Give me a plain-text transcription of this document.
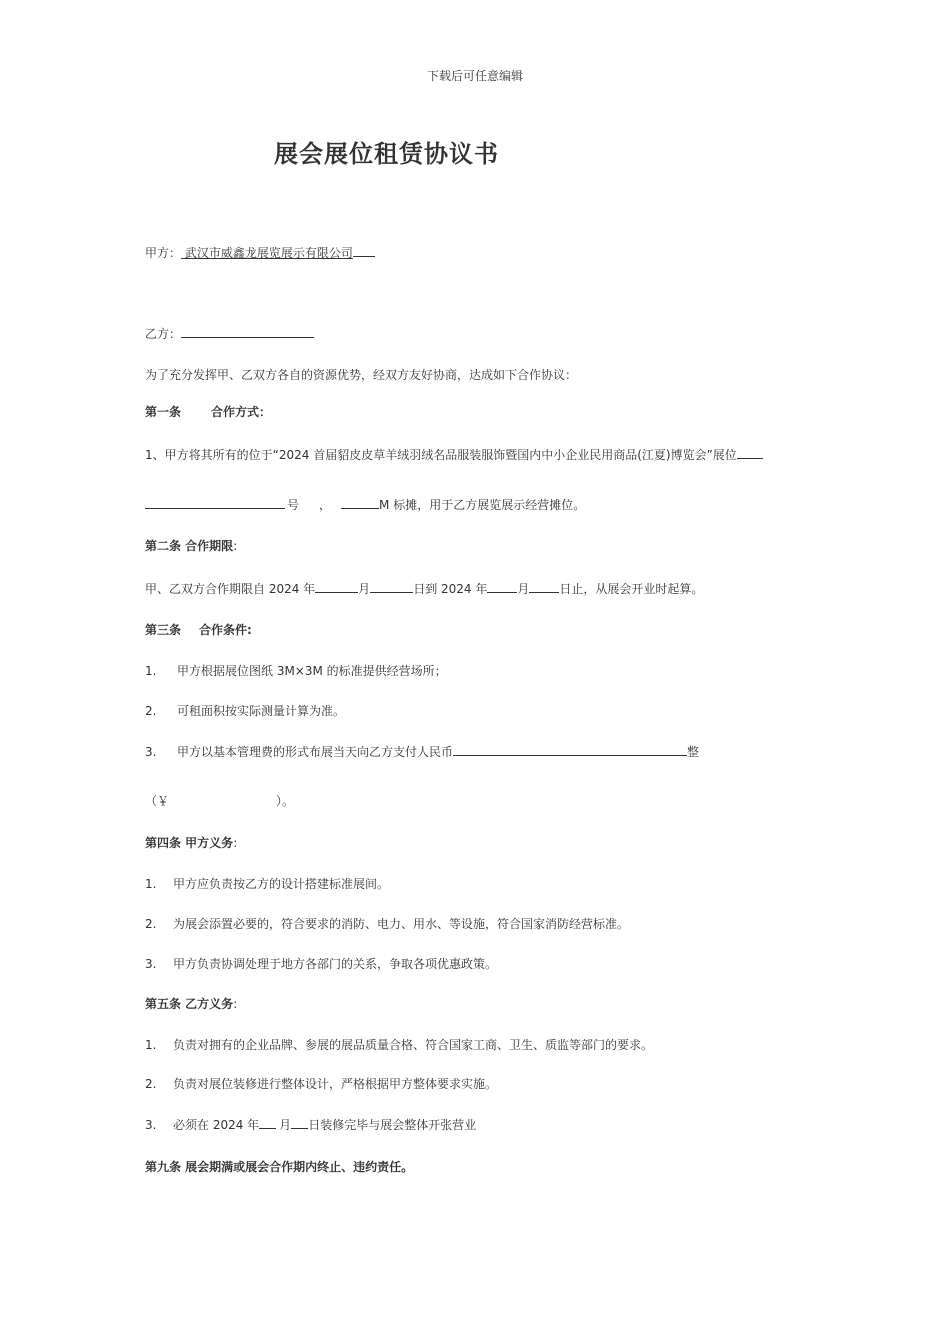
下载后可任意编辑
展会展位租赁协议书
甲方： 武汉市威鑫龙展览展示有限公司
乙方：
为了充分发挥甲、乙双方各自的资源优势，经双方友好协商，达成如下合作协议：
第一条	合作方式：
1、甲方将其所有的位于“2024 首届貂皮皮草羊绒羽绒名品服装服饰暨国内中小企业民用商品(江夏)博览会”展位
号 ，	M 标摊，用于乙方展览展示经营摊位。
第二条 合作期限:
甲、乙双方合作期限自 2024 年	月	日到 2024 年	月	日止，从展会开业时起算。
第三条 合作条件:
1. 甲方根据展位图纸 3M×3M 的标准提供经营场所；
2. 可租面积按实际测量计算为准。
3. 甲方以基本管理费的形式布展当天向乙方支付人民币	整
（￥	）。
第四条 甲方义务:
1. 甲方应负责按乙方的设计搭建标准展间。
2. 为展会添置必要的，符合要求的消防、电力、用水、等设施，符合国家消防经营标准。
3. 甲方负责协调处理于地方各部门的关系，争取各项优惠政策。
第五条 乙方义务:
1. 负责对拥有的企业品牌、参展的展品质量合格、符合国家工商、卫生、质监等部门的要求。
2. 负责对展位装修进行整体设计，严格根据甲方整体要求实施。
3. 必须在 2024 年 月 日装修完毕与展会整体开张营业
第九条 展会期满或展会合作期内终止、违约责任。
